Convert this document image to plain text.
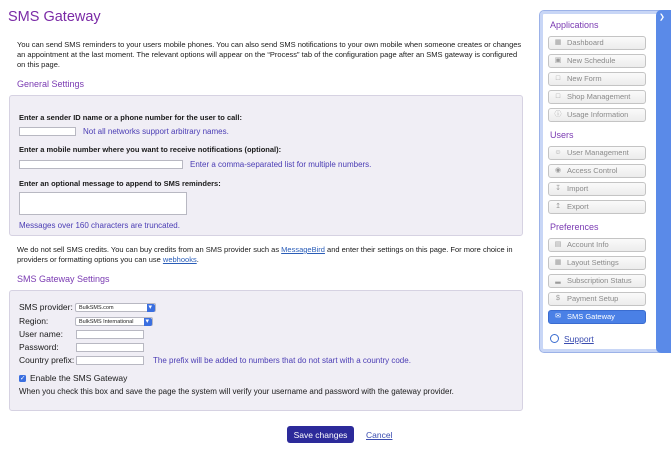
SMS Gateway
You can send SMS reminders to your users mobile phones. You can also send SMS notifications to your own mobile when someone creates or changes an appointment at the last moment. The relevant options will appear on the “Process” tab of the configuration page after an SMS gateway is configured on this page.
General Settings
Enter a sender ID name or a phone number for the user to call:
Not all networks support arbitrary names.
Enter a mobile number where you want to receive notifications (optional):
Enter a comma-separated list for multiple numbers.
Enter an optional message to append to SMS reminders:
Messages over 160 characters are truncated.
We do not sell SMS credits. You can buy credits from an SMS provider such as MessageBird and enter their settings on this page. For more choice in providers or formatting options you can use webhooks.
SMS Gateway Settings
SMS provider:	BulkSMS.com
▾
Region:	BulkSMS International
▾
User name:
Password:
Country prefix:	The prefix will be added to numbers that do not start with a country code.
✓
Enable the SMS Gateway
When you check this box and save the page the system will verify your username and password with the gateway provider.
Save changes	Cancel
Applications
▦ Dashboard
▣ New Schedule
□ New Form
□ Shop Management
ⓘ Usage Information
Users
☺ User Management
◉ Access Control
↧ Import
↥ Export
Preferences
▤ Account Info
▦ Layout Settings
▂ Subscription Status
$ Payment Setup
✉ SMS Gateway
Support
❯
